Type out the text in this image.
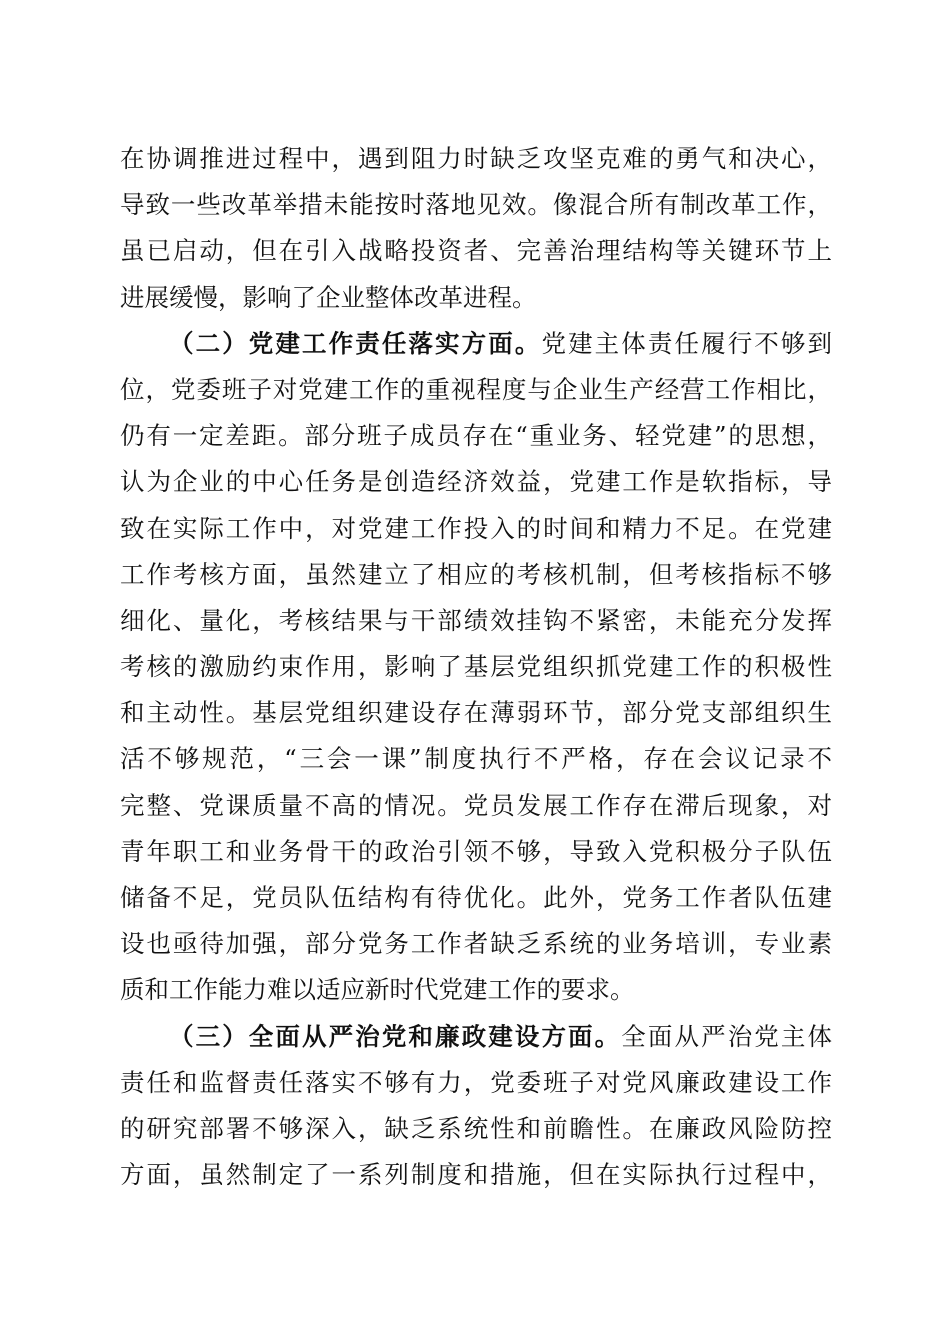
在协调推进过程中，遇到阻力时缺乏攻坚克难的勇气和决心，
导致一些改革举措未能按时落地见效。像混合所有制改革工作，
虽已启动，但在引入战略投资者、完善治理结构等关键环节上
进展缓慢，影响了企业整体改革进程。
（二）党建工作责任落实方面。党建主体责任履行不够到
位，党委班子对党建工作的重视程度与企业生产经营工作相比，
仍有一定差距。部分班子成员存在“重业务、轻党建”的思想，
认为企业的中心任务是创造经济效益，党建工作是软指标，导
致在实际工作中，对党建工作投入的时间和精力不足。在党建
工作考核方面，虽然建立了相应的考核机制，但考核指标不够
细化、量化，考核结果与干部绩效挂钩不紧密，未能充分发挥
考核的激励约束作用，影响了基层党组织抓党建工作的积极性
和主动性。基层党组织建设存在薄弱环节，部分党支部组织生
活不够规范，“三会一课”制度执行不严格，存在会议记录不
完整、党课质量不高的情况。党员发展工作存在滞后现象，对
青年职工和业务骨干的政治引领不够，导致入党积极分子队伍
储备不足，党员队伍结构有待优化。此外，党务工作者队伍建
设也亟待加强，部分党务工作者缺乏系统的业务培训，专业素
质和工作能力难以适应新时代党建工作的要求。
（三）全面从严治党和廉政建设方面。全面从严治党主体
责任和监督责任落实不够有力，党委班子对党风廉政建设工作
的研究部署不够深入，缺乏系统性和前瞻性。在廉政风险防控
方面，虽然制定了一系列制度和措施，但在实际执行过程中，
